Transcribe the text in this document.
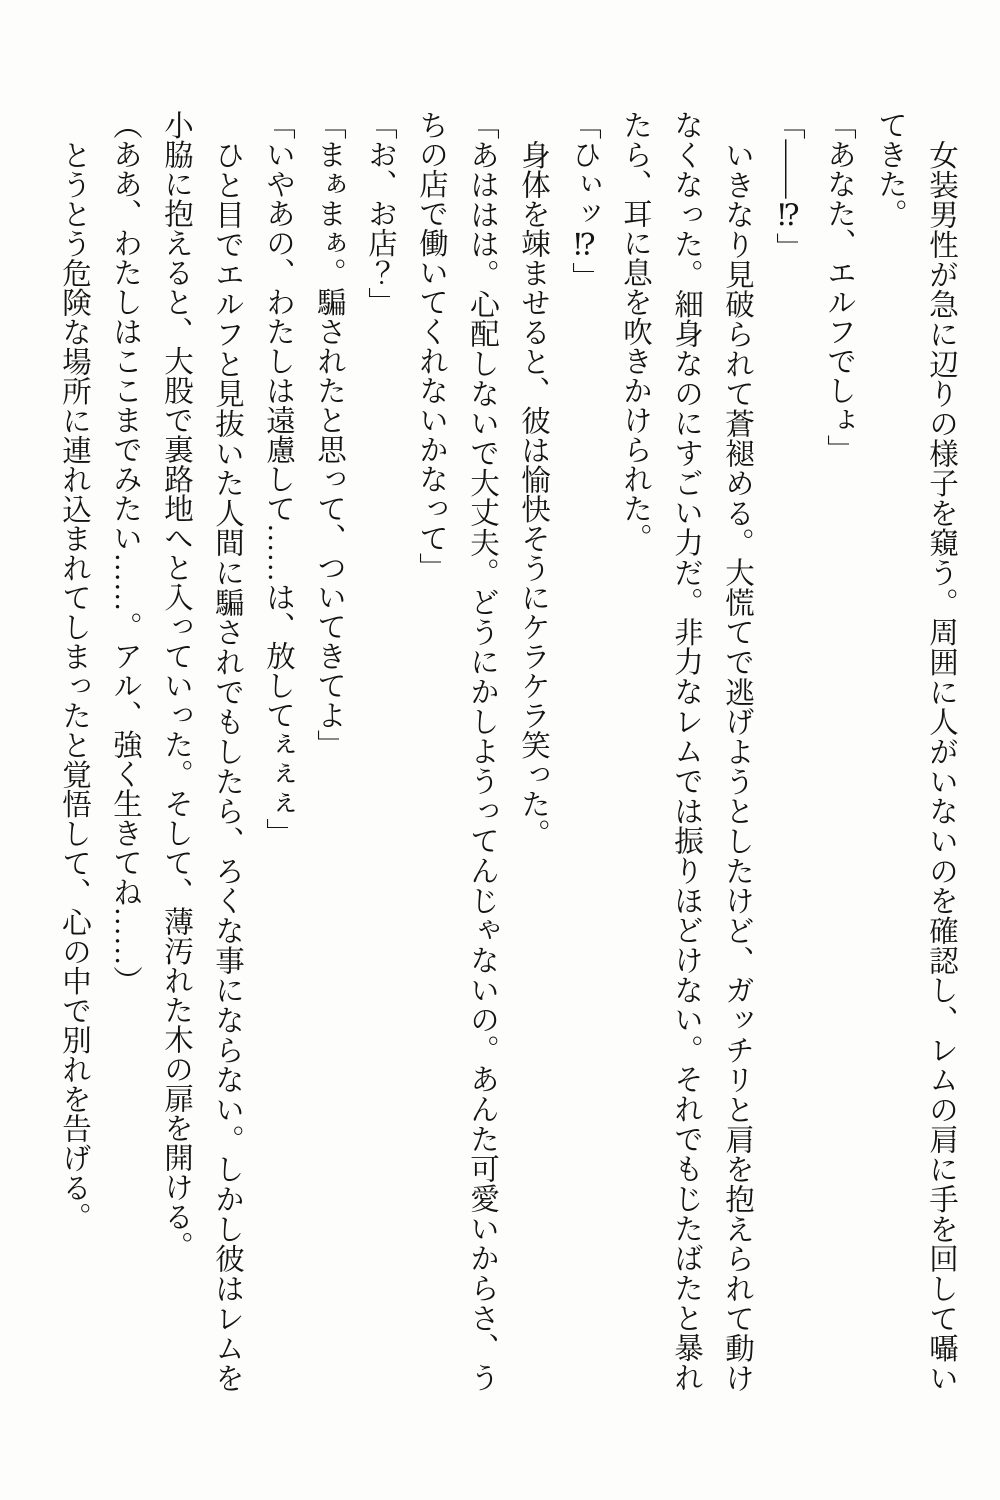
女装男性が急に辺りの様子を窺う。周囲に人がいないのを確認し、レムの肩に手を回して囁いてきた。

「あなた、エルフでしょ」

「――⁉」

いきなり見破られて蒼褪める。大慌てで逃げようとしたけど、ガッチリと肩を抱えられて動けなくなった。細身なのにすごい力だ。非力なレムでは振りほどけない。それでもじたばたと暴れたら、耳に息を吹きかけられた。

「ひぃッ⁉」

身体を竦ませると、彼は愉快そうにケラケラ笑った。

「あははは。心配しないで大丈夫。どうにかしようってんじゃないの。あんた可愛いからさ、うちの店で働いてくれないかなって」

「お、お店？」

「まぁまぁ。騙されたと思って、ついてきてよ」

「いやあの、わたしは遠慮して……は、放してぇぇぇ」

ひと目でエルフと見抜いた人間に騙されでもしたら、ろくな事にならない。しかし彼はレムを小脇に抱えると、大股で裏路地へと入っていった。そして、薄汚れた木の扉を開ける。

（ああ、わたしはここまでみたい……。アル、強く生きてね……）

とうとう危険な場所に連れ込まれてしまったと覚悟して、心の中で別れを告げる。
